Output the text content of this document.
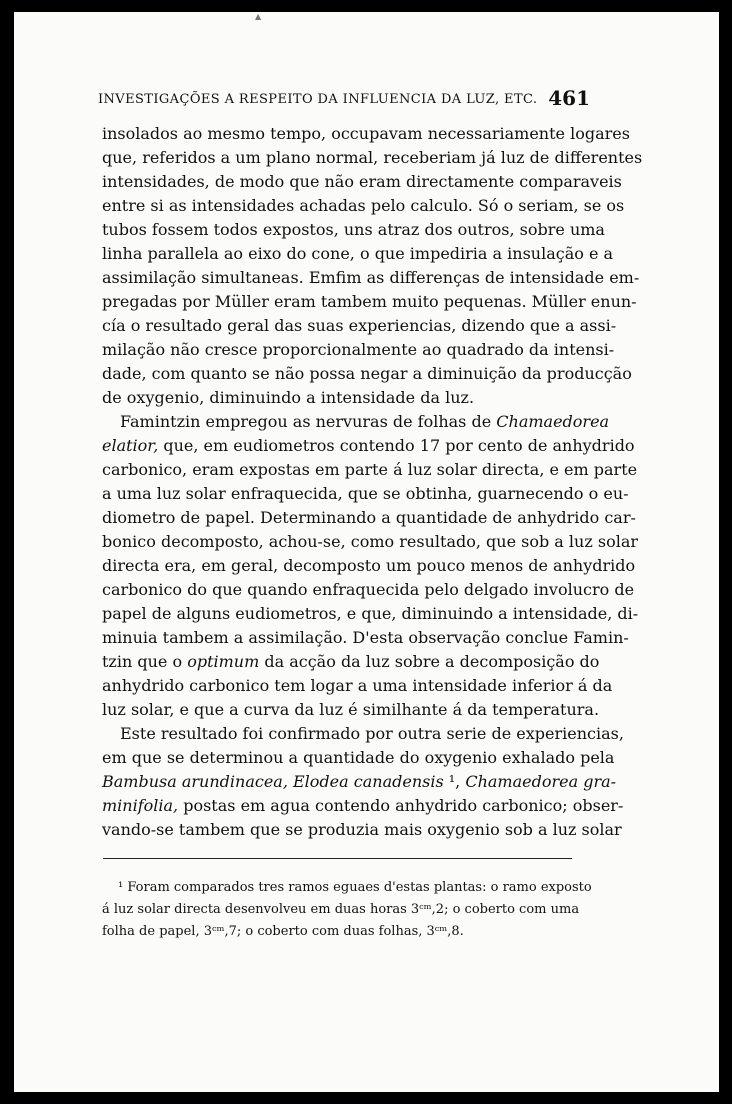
▲
INVESTIGAÇÕES A RESPEITO DA INFLUENCIA DA LUZ, ETC. 461
insolados ao mesmo tempo, occupavam necessariamente logares
que, referidos a um plano normal, receberiam já luz de differentes
intensidades, de modo que não eram directamente comparaveis
entre si as intensidades achadas pelo calculo. Só o seriam, se os
tubos fossem todos expostos, uns atraz dos outros, sobre uma
linha parallela ao eixo do cone, o que impediria a insulação e a
assimilação simultaneas. Emfim as differenças de intensidade em-
pregadas por Müller eram tambem muito pequenas. Müller enun-
cía o resultado geral das suas experiencias, dizendo que a assi-
milação não cresce proporcionalmente ao quadrado da intensi-
dade, com quanto se não possa negar a diminuição da producção
de oxygenio, diminuindo a intensidade da luz.
Famintzin empregou as nervuras de folhas de Chamaedorea
elatior, que, em eudiometros contendo 17 por cento de anhydrido
carbonico, eram expostas em parte á luz solar directa, e em parte
a uma luz solar enfraquecida, que se obtinha, guarnecendo o eu-
diometro de papel. Determinando a quantidade de anhydrido car-
bonico decomposto, achou-se, como resultado, que sob a luz solar
directa era, em geral, decomposto um pouco menos de anhydrido
carbonico do que quando enfraquecida pelo delgado involucro de
papel de alguns eudiometros, e que, diminuindo a intensidade, di-
minuia tambem a assimilação. D'esta observação conclue Famin-
tzin que o optimum da acção da luz sobre a decomposição do
anhydrido carbonico tem logar a uma intensidade inferior á da
luz solar, e que a curva da luz é similhante á da temperatura.
Este resultado foi confirmado por outra serie de experiencias,
em que se determinou a quantidade do oxygenio exhalado pela
Bambusa arundinacea, Elodea canadensis ¹, Chamaedorea gra-
minifolia, postas em agua contendo anhydrido carbonico; obser-
vando-se tambem que se produzia mais oxygenio sob a luz solar
¹ Foram comparados tres ramos eguaes d'estas plantas: o ramo exposto
á luz solar directa desenvolveu em duas horas 3ᶜᵐ,2; o coberto com uma
folha de papel, 3ᶜᵐ,7; o coberto com duas folhas, 3ᶜᵐ,8.
